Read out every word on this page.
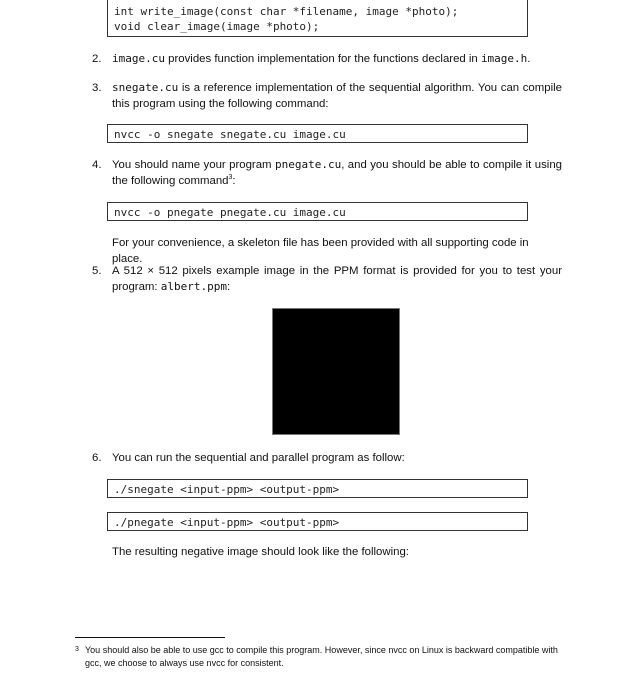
int write_image(const char *filename, image *photo);
void clear_image(image *photo);
2. image.cu provides function implementation for the functions declared in image.h.
3. snegate.cu is a reference implementation of the sequential algorithm. You can compile this program using the following command:
nvcc -o snegate snegate.cu image.cu
4. You should name your program pnegate.cu, and you should be able to compile it using the following command$^3$:
nvcc -o pnegate pnegate.cu image.cu
For your convenience, a skeleton file has been provided with all supporting code in place.
5. A 512 × 512 pixels example image in the PPM format is provided for you to test your program: albert.ppm:
6. You can run the sequential and parallel program as follow:
./snegate <input-ppm> <output-ppm>
./pnegate <input-ppm> <output-ppm>
The resulting negative image should look like the following:
3 You should also be able to use gcc to compile this program. However, since nvcc on Linux is backward compatible with gcc, we choose to always use nvcc for consistent.
